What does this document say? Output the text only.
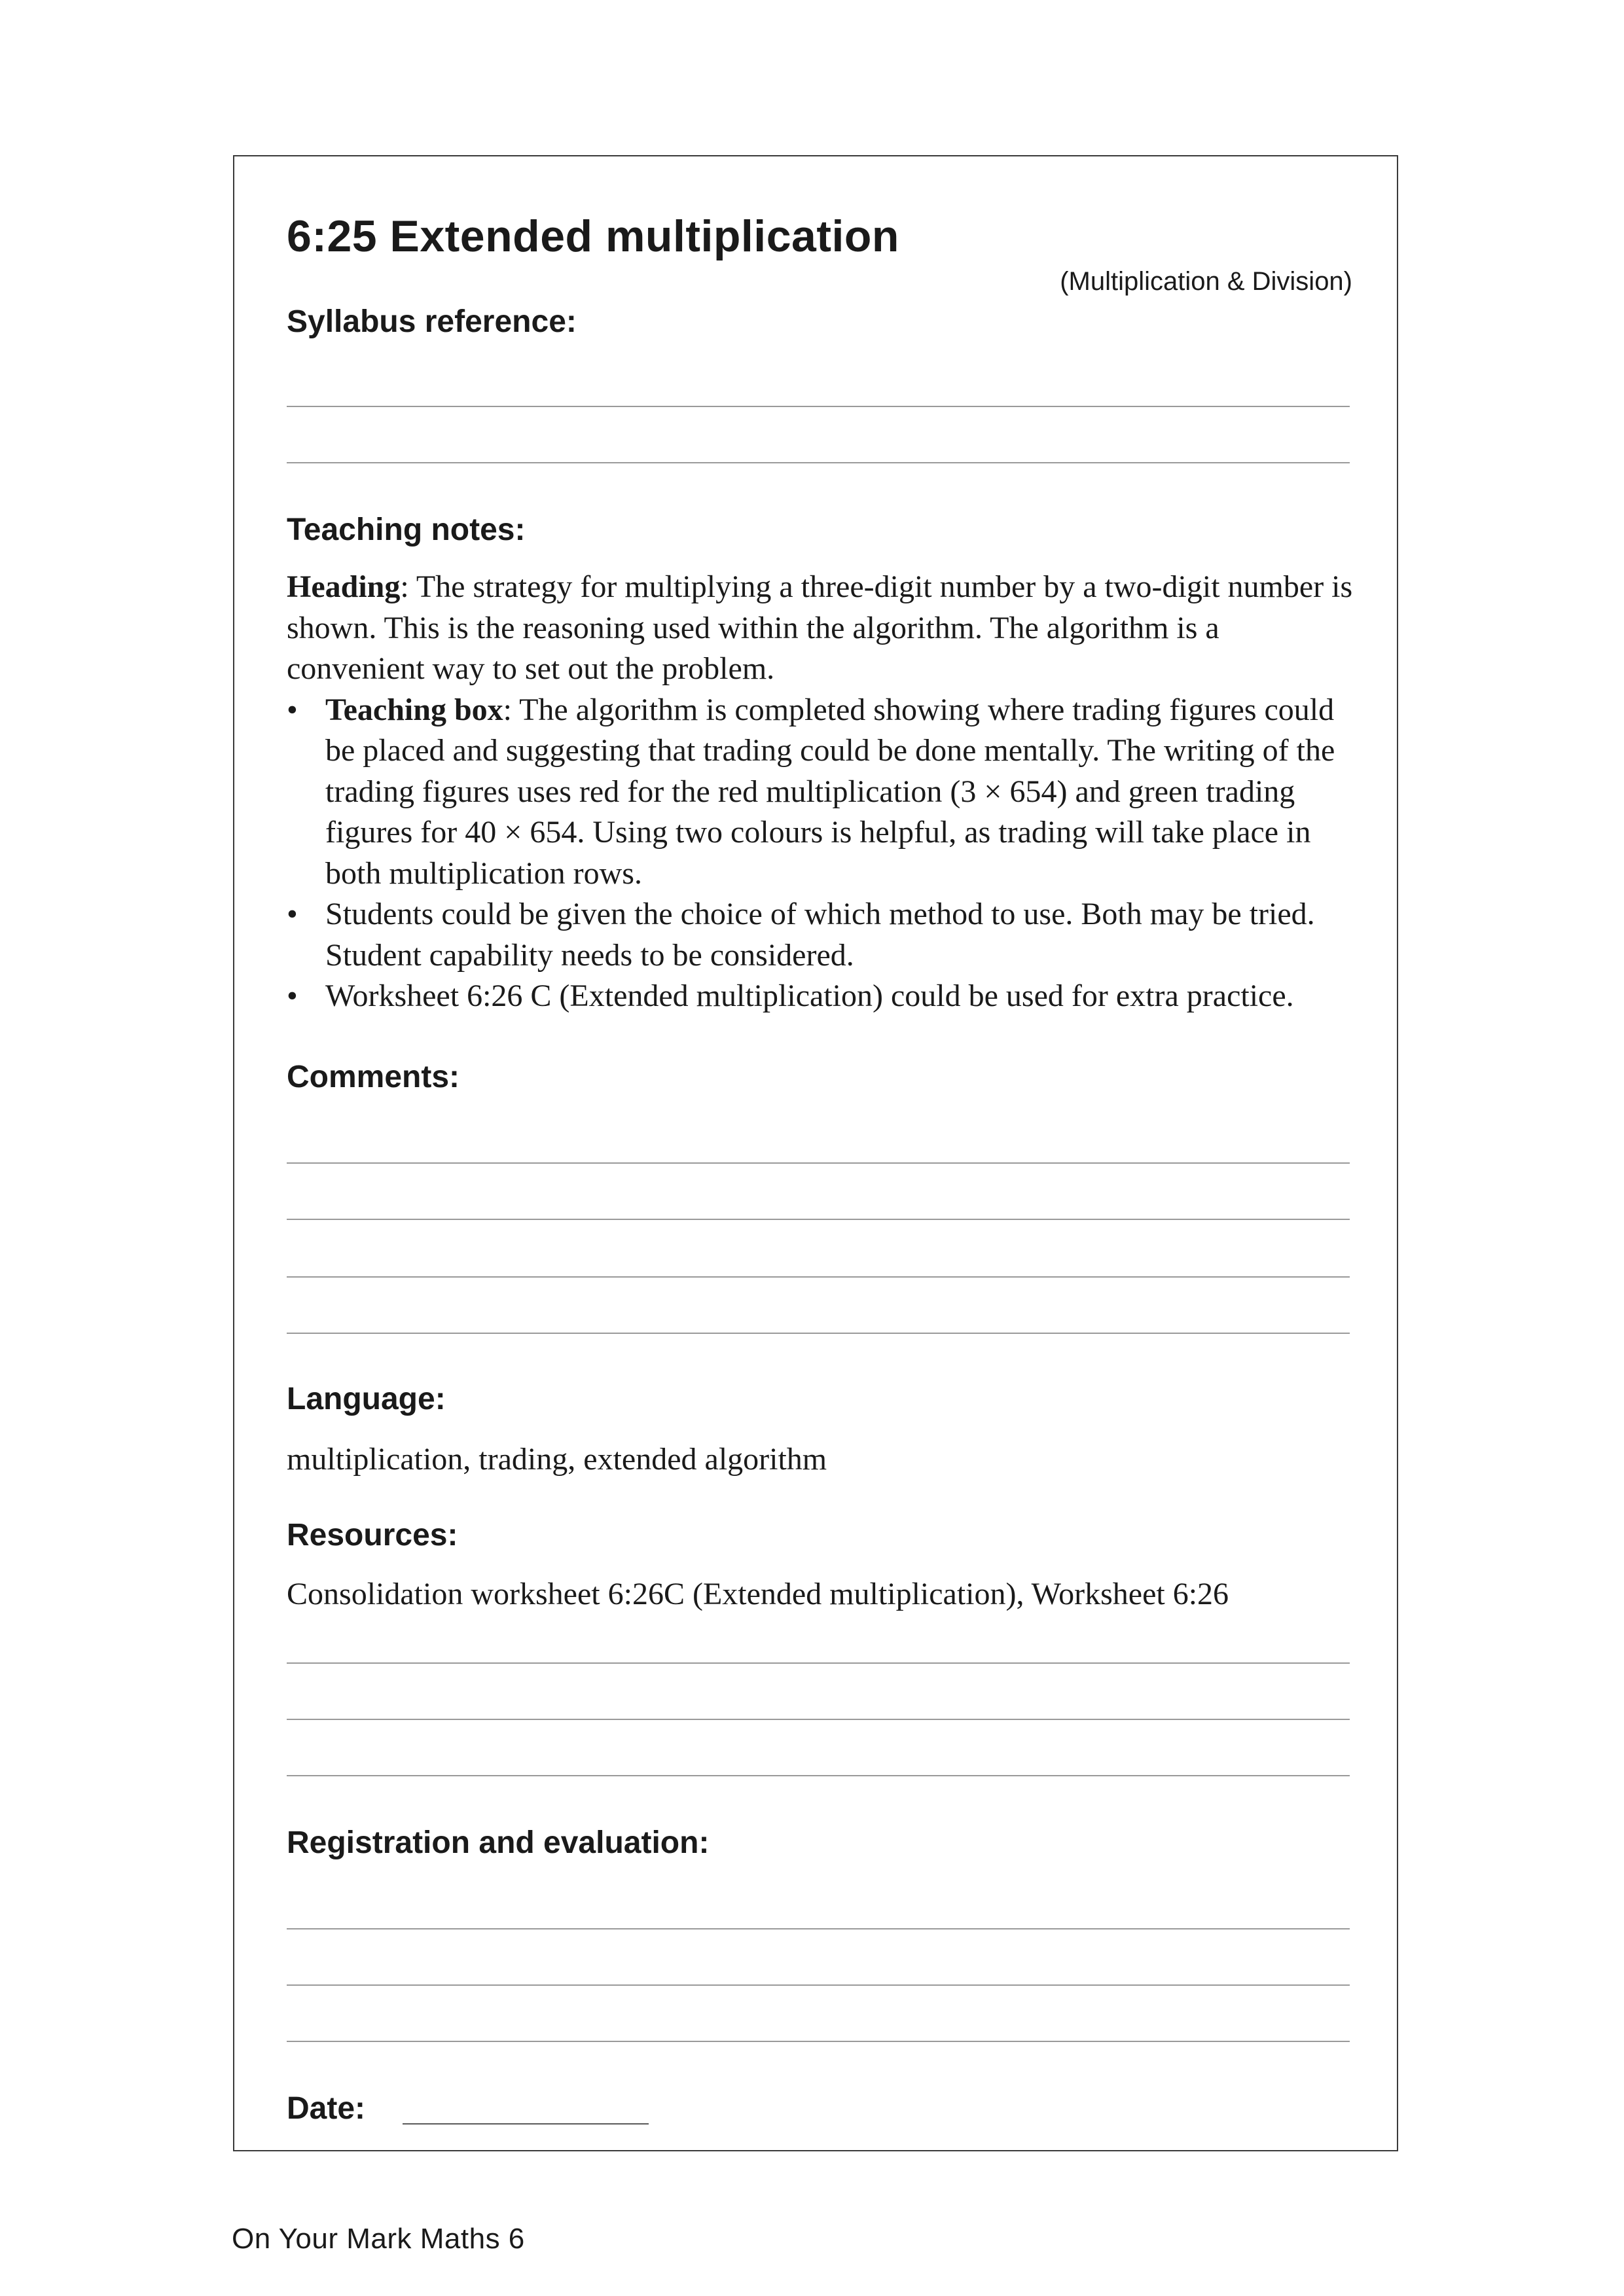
6:25 Extended multiplication
(Multiplication & Division)
Syllabus reference:
Teaching notes:

Heading: The strategy for multiplying a three-digit number by a two-digit number is shown. This is the reasoning used within the algorithm. The algorithm is a convenient way to set out the problem.

• Teaching box: The algorithm is completed showing where trading figures could be placed and suggesting that trading could be done mentally. The writing of the trading figures uses red for the red multiplication (3 × 654) and green trading figures for 40 × 654. Using two colours is helpful, as trading will take place in both multiplication rows.
• Students could be given the choice of which method to use. Both may be tried. Student capability needs to be considered.
• Worksheet 6:26 C (Extended multiplication) could be used for extra practice.
Comments:
Language:
multiplication, trading, extended algorithm
Resources:
Consolidation worksheet 6:26C (Extended multiplication), Worksheet 6:26
Registration and evaluation:
Date:
On Your Mark Maths 6
